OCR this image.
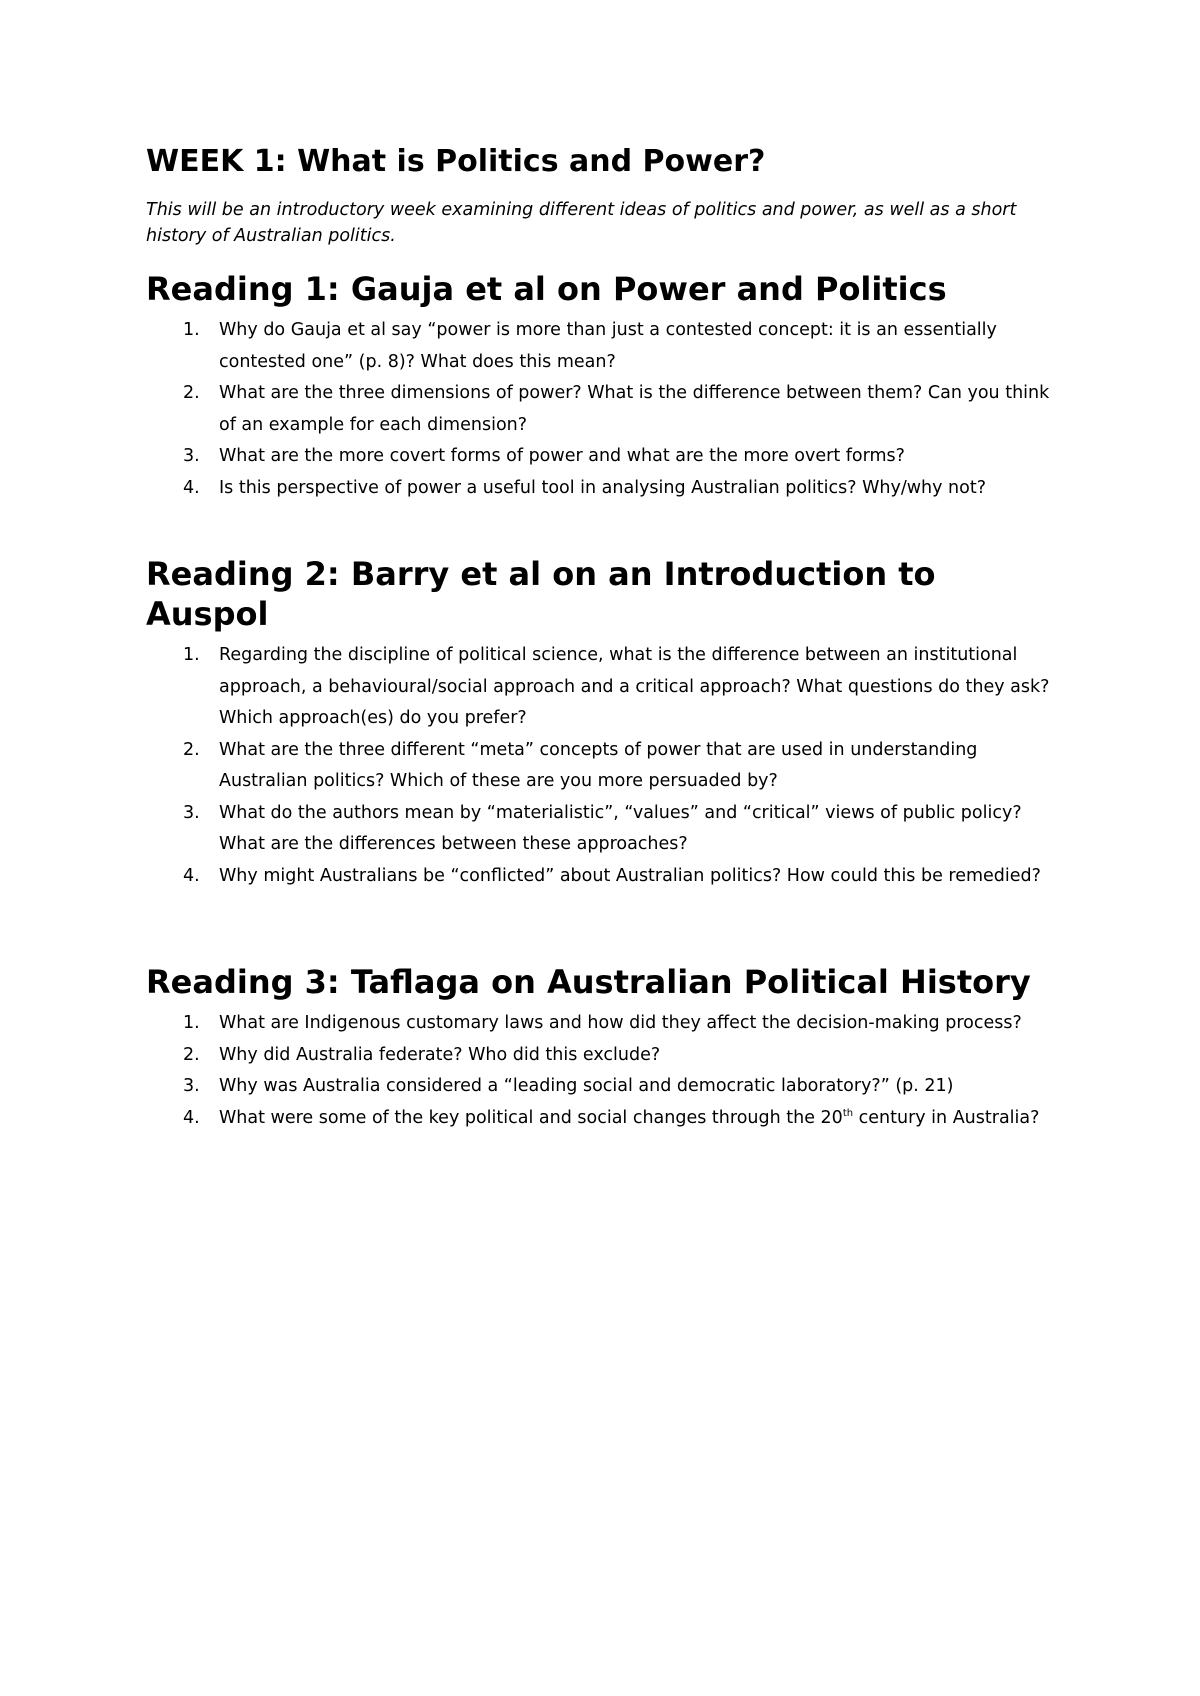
WEEK 1: What is Politics and Power?

This will be an introductory week examining different ideas of politics and power, as well as a short history of Australian politics.

Reading 1: Gauja et al on Power and Politics
1. Why do Gauja et al say “power is more than just a contested concept: it is an essentially contested one” (p. 8)? What does this mean?
2. What are the three dimensions of power? What is the difference between them? Can you think of an example for each dimension?
3. What are the more covert forms of power and what are the more overt forms?
4. Is this perspective of power a useful tool in analysing Australian politics? Why/why not?
Reading 2: Barry et al on an Introduction to Auspol
1. Regarding the discipline of political science, what is the difference between an institutional approach, a behavioural/social approach and a critical approach? What questions do they ask? Which approach(es) do you prefer?
2. What are the three different “meta” concepts of power that are used in understanding Australian politics? Which of these are you more persuaded by?
3. What do the authors mean by “materialistic”, “values” and “critical” views of public policy? What are the differences between these approaches?
4. Why might Australians be “conflicted” about Australian politics? How could this be remedied?
Reading 3: Taflaga on Australian Political History
1. What are Indigenous customary laws and how did they affect the decision-making process?
2. Why did Australia federate? Who did this exclude?
3. Why was Australia considered a “leading social and democratic laboratory?” (p. 21)
4. What were some of the key political and social changes through the 20th century in Australia?
